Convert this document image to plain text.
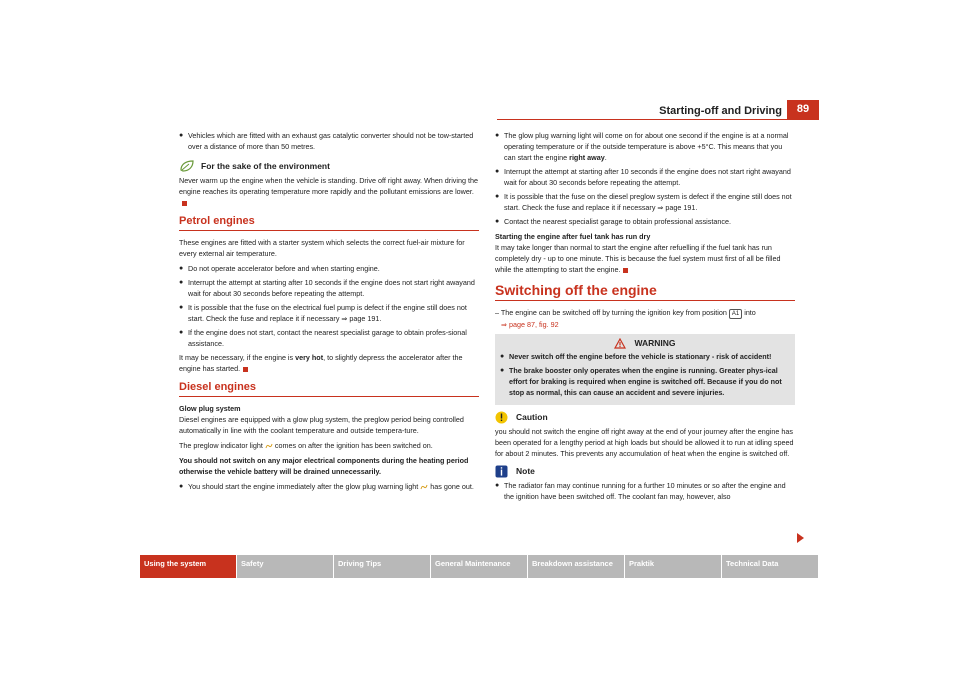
Starting-off and Driving	89
● Vehicles which are fitted with an exhaust gas catalytic converter should not be tow-started over a distance of more than 50 metres.
For the sake of the environment

Never warm up the engine when the vehicle is standing. Drive off right away. When driving the engine reaches its operating temperature more rapidly and the pollutant emissions are lower.

Petrol engines

These engines are fitted with a starter system which selects the correct fuel-air mixture for every external air temperature.

● Do not operate accelerator before and when starting engine.
● Interrupt the attempt at starting after 10 seconds if the engine does not start right awayand wait for about 30 seconds before repeating the attempt.
● It is possible that the fuse on the electrical fuel pump is defect if the engine still does not start. Check the fuse and replace it if necessary ⇒ page 191.
● If the engine does not start, contact the nearest specialist garage to obtain profes-sional assistance.

It may be necessary, if the engine is very hot, to slightly depress the accelerator after the engine has started.

Diesel engines
Glow plug system

Diesel engines are equipped with a glow plug system, the preglow period being controlled automatically in line with the coolant temperature and outside tempera-ture.

The preglow indicator light  comes on after the ignition has been switched on.

You should not switch on any major electrical components during the heating period otherwise the vehicle battery will be drained unnecessarily.

● You should start the engine immediately after the glow plug warning light  has gone out.
● The glow plug warning light will come on for about one second if the engine is at a normal operating temperature or if the outside temperature is above +5°C. This means that you can start the engine right away.
● Interrupt the attempt at starting after 10 seconds if the engine does not start right awayand wait for about 30 seconds before repeating the attempt.
● It is possible that the fuse on the diesel preglow system is defect if the engine still does not start. Check the fuse and replace it if necessary ⇒ page 191.
● Contact the nearest specialist garage to obtain professional assistance.
Starting the engine after fuel tank has run dry

It may take longer than normal to start the engine after refuelling if the fuel tank has run completely dry - up to one minute. This is because the fuel system must first of all be filled while the attempting to start the engine.

Switching off the engine

– The engine can be switched off by turning the ignition key from position A1 into
⇒ page 87, fig. 92

WARNING
● Never switch off the engine before the vehicle is stationary - risk of accident!
● The brake booster only operates when the engine is running. Greater phys-ical effort for braking is required when engine is switched off. Because if you do not stop as normal, this can cause an accident and severe injuries.
Caution

you should not switch the engine off right away at the end of your journey after the engine has been operated for a lengthy period at high loads but should be allowed it to run at idling speed for about 2 minutes. This prevents any accumulation of heat when the engine is switched off.

Note
● The radiator fan may continue running for a further 10 minutes or so after the engine and the ignition have been switched off. The coolant fan may, however, also
Using the system	Safety	Driving Tips	General Maintenance	Breakdown assistance	Praktik	Technical Data
